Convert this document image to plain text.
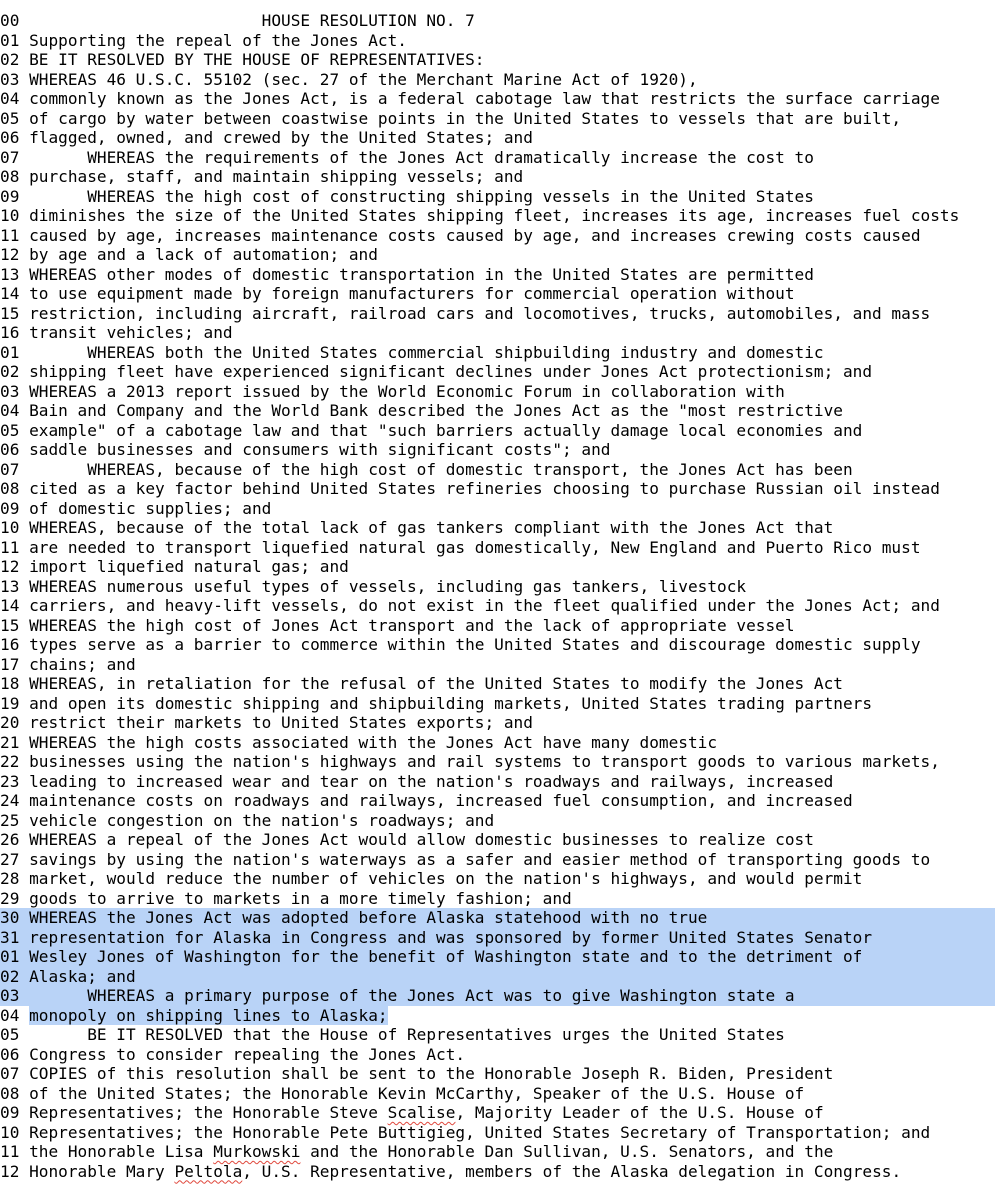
00	HOUSE RESOLUTION NO. 7
01 Supporting the repeal of the Jones Act.
02 BE IT RESOLVED BY THE HOUSE OF REPRESENTATIVES:
03 WHEREAS 46 U.S.C. 55102 (sec. 27 of the Merchant Marine Act of 1920),
04 commonly known as the Jones Act, is a federal cabotage law that restricts the surface carriage
05 of cargo by water between coastwise points in the United States to vessels that are built,
06 flagged, owned, and crewed by the United States; and
07	WHEREAS the requirements of the Jones Act dramatically increase the cost to
08 purchase, staff, and maintain shipping vessels; and
09	WHEREAS the high cost of constructing shipping vessels in the United States
10 diminishes the size of the United States shipping fleet, increases its age, increases fuel costs
11 caused by age, increases maintenance costs caused by age, and increases crewing costs caused
12 by age and a lack of automation; and
13 WHEREAS other modes of domestic transportation in the United States are permitted
14 to use equipment made by foreign manufacturers for commercial operation without
15 restriction, including aircraft, railroad cars and locomotives, trucks, automobiles, and mass
16 transit vehicles; and
01	WHEREAS both the United States commercial shipbuilding industry and domestic
02 shipping fleet have experienced significant declines under Jones Act protectionism; and
03 WHEREAS a 2013 report issued by the World Economic Forum in collaboration with
04 Bain and Company and the World Bank described the Jones Act as the "most restrictive
05 example" of a cabotage law and that "such barriers actually damage local economies and
06 saddle businesses and consumers with significant costs"; and
07	WHEREAS, because of the high cost of domestic transport, the Jones Act has been
08 cited as a key factor behind United States refineries choosing to purchase Russian oil instead
09 of domestic supplies; and
10 WHEREAS, because of the total lack of gas tankers compliant with the Jones Act that
11 are needed to transport liquefied natural gas domestically, New England and Puerto Rico must
12 import liquefied natural gas; and
13 WHEREAS numerous useful types of vessels, including gas tankers, livestock
14 carriers, and heavy-lift vessels, do not exist in the fleet qualified under the Jones Act; and
15 WHEREAS the high cost of Jones Act transport and the lack of appropriate vessel
16 types serve as a barrier to commerce within the United States and discourage domestic supply
17 chains; and
18 WHEREAS, in retaliation for the refusal of the United States to modify the Jones Act
19 and open its domestic shipping and shipbuilding markets, United States trading partners
20 restrict their markets to United States exports; and
21 WHEREAS the high costs associated with the Jones Act have many domestic
22 businesses using the nation's highways and rail systems to transport goods to various markets,
23 leading to increased wear and tear on the nation's roadways and railways, increased
24 maintenance costs on roadways and railways, increased fuel consumption, and increased
25 vehicle congestion on the nation's roadways; and
26 WHEREAS a repeal of the Jones Act would allow domestic businesses to realize cost
27 savings by using the nation's waterways as a safer and easier method of transporting goods to
28 market, would reduce the number of vehicles on the nation's highways, and would permit
29 goods to arrive to markets in a more timely fashion; and
30 WHEREAS the Jones Act was adopted before Alaska statehood with no true
31 representation for Alaska in Congress and was sponsored by former United States Senator
01 Wesley Jones of Washington for the benefit of Washington state and to the detriment of
02 Alaska; and
03	WHEREAS a primary purpose of the Jones Act was to give Washington state a
04 monopoly on shipping lines to Alaska;
05	BE IT RESOLVED that the House of Representatives urges the United States
06 Congress to consider repealing the Jones Act.
07 COPIES of this resolution shall be sent to the Honorable Joseph R. Biden, President
08 of the United States; the Honorable Kevin McCarthy, Speaker of the U.S. House of
09 Representatives; the Honorable Steve Scalise, Majority Leader of the U.S. House of
10 Representatives; the Honorable Pete Buttigieg, United States Secretary of Transportation; and
11 the Honorable Lisa Murkowski and the Honorable Dan Sullivan, U.S. Senators, and the
12 Honorable Mary Peltola, U.S. Representative, members of the Alaska delegation in Congress.
